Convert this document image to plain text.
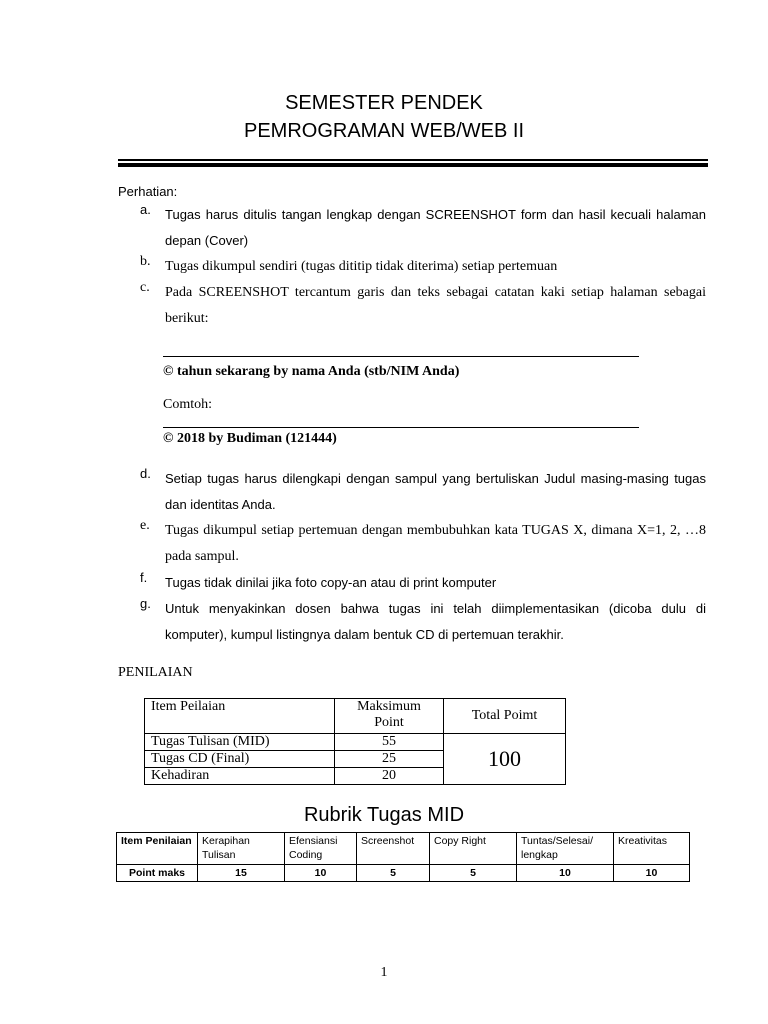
SEMESTER PENDEK
PEMROGRAMAN WEB/WEB II
Perhatian:
a. Tugas harus ditulis tangan lengkap dengan SCREENSHOT form dan hasil kecuali halaman depan (Cover)
b. Tugas dikumpul sendiri (tugas dititip tidak diterima) setiap pertemuan
c. Pada SCREENSHOT tercantum garis dan teks sebagai catatan kaki setiap halaman sebagai berikut:
© tahun sekarang by nama Anda (stb/NIM Anda)
Comtoh:
© 2018 by Budiman (121444)
d. Setiap tugas harus dilengkapi dengan sampul yang bertuliskan Judul masing-masing tugas dan identitas Anda.
e. Tugas dikumpul setiap pertemuan dengan membubuhkan kata TUGAS X, dimana X=1, 2, …8 pada sampul.
f. Tugas tidak dinilai jika foto copy-an atau di print komputer
g. Untuk menyakinkan dosen bahwa tugas ini telah diimplementasikan (dicoba dulu di komputer), kumpul listingnya dalam bentuk CD di pertemuan terakhir.
PENILAIAN
Item Peilaian	Maksimum Point	Total Poimt
Tugas Tulisan (MID)	55	100
Tugas CD (Final)	25	
Kehadiran	20	
Rubrik Tugas MID
Item Penilaian	Kerapihan Tulisan	Efensiansi Coding	Screenshot	Copy Right	Tuntas/Selesai/ lengkap	Kreativitas
Point maks	15	10	5	5	10	10
1
